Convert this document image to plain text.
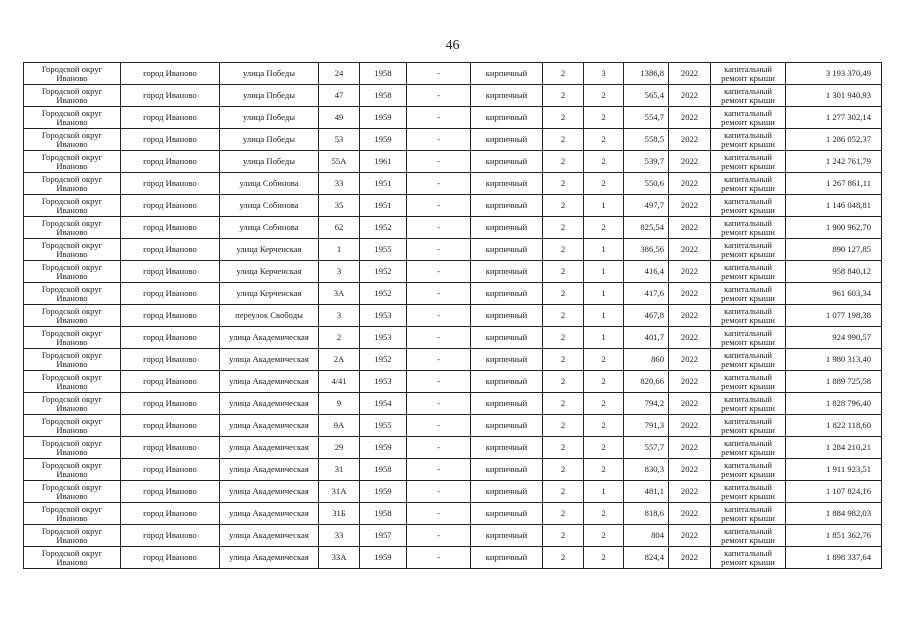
46
Городской округ Иваново	город Иваново	улица Победы	24	1958	-	кирпичный	2	3	1386,8	2022	капитальный ремонт крыши	3 193 370,49
Городской округ Иваново	город Иваново	улица Победы	47	1958	-	кирпичный	2	2	565,4	2022	капитальный ремонт крыши	1 301 940,93
Городской округ Иваново	город Иваново	улица Победы	49	1959	-	кирпичный	2	2	554,7	2022	капитальный ремонт крыши	1 277 302,14
Городской округ Иваново	город Иваново	улица Победы	53	1959	-	кирпичный	2	2	558,5	2022	капитальный ремонт крыши	1 286 052,37
Городской округ Иваново	город Иваново	улица Победы	55А	1961	-	кирпичный	2	2	539,7	2022	капитальный ремонт крыши	1 242 761,79
Городской округ Иваново	город Иваново	улица Собинова	33	1951	-	кирпичный	2	2	550,6	2022	капитальный ремонт крыши	1 267 861,11
Городской округ Иваново	город Иваново	улица Собинова	35	1951	-	кирпичный	2	1	497,7	2022	капитальный ремонт крыши	1 146 048,81
Городской округ Иваново	город Иваново	улица Собинова	62	1952	-	кирпичный	2	2	825,54	2022	капитальный ремонт крыши	1 900 962,70
Городской округ Иваново	город Иваново	улица Керченская	1	1955	-	кирпичный	2	1	386,56	2022	капитальный ремонт крыши	890 127,85
Городской округ Иваново	город Иваново	улица Керченская	3	1952	-	кирпичный	2	1	416,4	2022	капитальный ремонт крыши	958 840,12
Городской округ Иваново	город Иваново	улица Керченская	3А	1952	-	кирпичный	2	1	417,6	2022	капитальный ремонт крыши	961 603,34
Городской округ Иваново	город Иваново	переулок Свободы	3	1953	-	кирпичный	2	1	467,8	2022	капитальный ремонт крыши	1 077 198,38
Городской округ Иваново	город Иваново	улица Академическая	2	1953	-	кирпичный	2	1	401,7	2022	капитальный ремонт крыши	924 990,57
Городской округ Иваново	город Иваново	улица Академическая	2А	1952	-	кирпичный	2	2	860	2022	капитальный ремонт крыши	1 980 313,40
Городской округ Иваново	город Иваново	улица Академическая	4/41	1953	-	кирпичный	2	2	820,66	2022	капитальный ремонт крыши	1 889 725,58
Городской округ Иваново	город Иваново	улица Академическая	9	1954	-	кирпичный	2	2	794,2	2022	капитальный ремонт крыши	1 828 796,40
Городской округ Иваново	город Иваново	улица Академическая	9А	1955	-	кирпичный	2	2	791,3	2022	капитальный ремонт крыши	1 822 118,60
Городской округ Иваново	город Иваново	улица Академическая	29	1959	-	кирпичный	2	2	557,7	2022	капитальный ремонт крыши	1 284 210,21
Городской округ Иваново	город Иваново	улица Академическая	31	1958	-	кирпичный	2	2	830,3	2022	капитальный ремонт крыши	1 911 923,51
Городской округ Иваново	город Иваново	улица Академическая	31А	1959	-	кирпичный	2	1	481,1	2022	капитальный ремонт крыши	1 107 824,16
Городской округ Иваново	город Иваново	улица Академическая	31Б	1958	-	кирпичный	2	2	818,6	2022	капитальный ремонт крыши	1 884 982,03
Городской округ Иваново	город Иваново	улица Академическая	33	1957	-	кирпичный	2	2	804	2022	капитальный ремонт крыши	1 851 362,76
Городской округ Иваново	город Иваново	улица Академическая	33А	1959	-	кирпичный	2	2	824,4	2022	капитальный ремонт крыши	1 898 337,64
